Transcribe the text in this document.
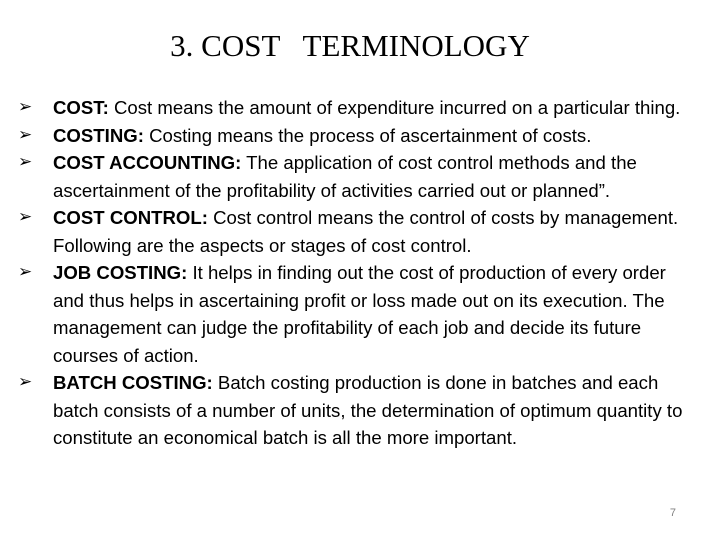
3. COST   TERMINOLOGY
➢	COST: Cost means the amount of expenditure incurred on a particular thing.
➢	COSTING: Costing means the process of ascertainment of costs.
➢	COST ACCOUNTING: The application of cost control methods and the ascertainment of the profitability of activities carried out or planned”.
➢	COST CONTROL: Cost control means the control of costs by management. Following are the aspects or stages of cost control.
➢	JOB COSTING: It helps in finding out the cost of production of every order and thus helps in ascertaining profit or loss made out on its execution. The management can judge the profitability of each job and decide its future courses of action.
➢	BATCH COSTING: Batch costing production is done in batches and each batch consists of a number of units, the determination of optimum quantity to constitute an economical batch is all the more important.
7
